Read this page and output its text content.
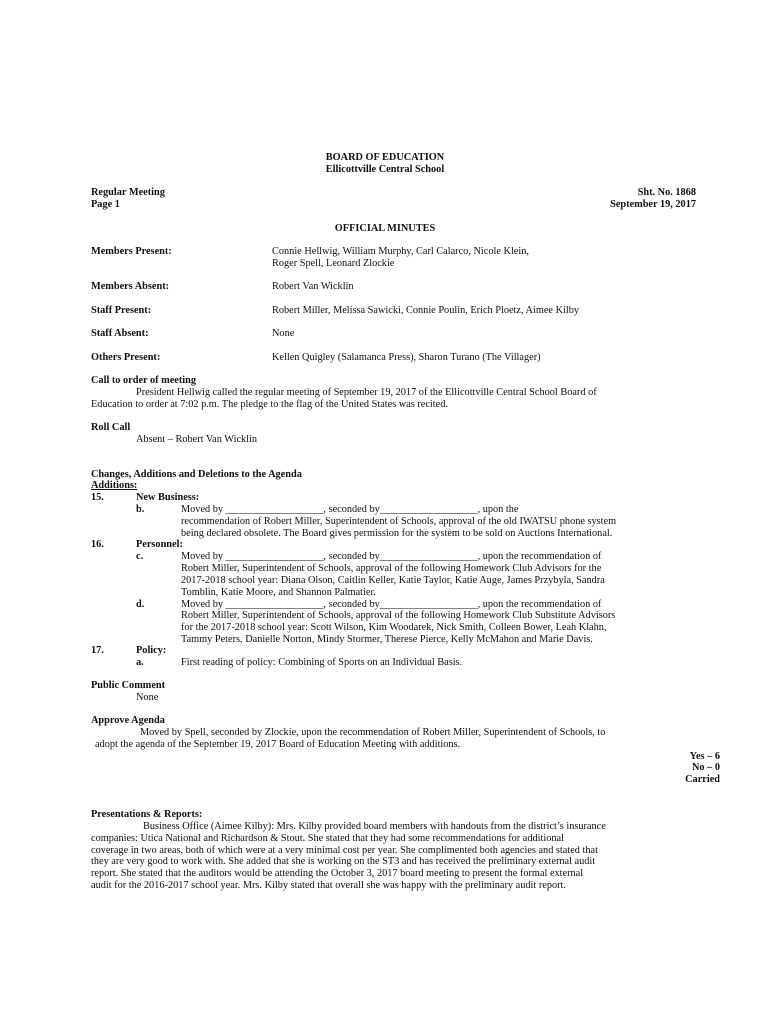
BOARD OF EDUCATION
Ellicottville Central School
Regular Meeting
Page 1
Sht. No. 1868
September 19, 2017
OFFICIAL MINUTES
Members Present:	Connie Hellwig, William Murphy, Carl Calarco, Nicole Klein,
Roger Spell, Leonard Zlockie
Members Absent:	Robert Van Wicklin
Staff Present:	Robert Miller, Melissa Sawicki, Connie Poulin, Erich Ploetz, Aimee Kilby
Staff Absent:	None
Others Present:	Kellen Quigley (Salamanca Press), Sharon Turano (The Villager)
Call to order of meeting
President Hellwig called the regular meeting of September 19, 2017 of the Ellicottville Central School Board of
Education to order at 7:02 p.m. The pledge to the flag of the United States was recited.
Roll Call
Absent – Robert Van Wicklin
Changes, Additions and Deletions to the Agenda
Additions:
15.	New Business:
b.	Moved by ___________________, seconded by___________________, upon the
recommendation of Robert Miller, Superintendent of Schools, approval of the old IWATSU phone system
being declared obsolete. The Board gives permission for the system to be sold on Auctions International.
16.	Personnel:
c.	Moved by ___________________, seconded by___________________, upon the recommendation of
Robert Miller, Superintendent of Schools, approval of the following Homework Club Advisors for the
2017-2018 school year: Diana Olson, Caitlin Keller, Katie Taylor, Katie Auge, James Przybyla, Sandra
Tomblin, Katie Moore, and Shannon Palmatier.
d.	Moved by ___________________, seconded by___________________, upon the recommendation of
Robert Miller, Superintendent of Schools, approval of the following Homework Club Substitute Advisors
for the 2017-2018 school year: Scott Wilson, Kim Woodarek, Nick Smith, Colleen Bower, Leah Klahn,
Tammy Peters, Danielle Norton, Mindy Stormer, Therese Pierce, Kelly McMahon and Marie Davis.
17.	Policy:
a.	First reading of policy: Combining of Sports on an Individual Basis.
Public Comment
None
Approve Agenda
Moved by Spell, seconded by Zlockie, upon the recommendation of Robert Miller, Superintendent of Schools, to
adopt the agenda of the September 19, 2017 Board of Education Meeting with additions.
Yes – 6
No – 0
Carried
Presentations & Reports:
Business Office (Aimee Kilby): Mrs. Kilby provided board members with handouts from the district’s insurance
companies: Utica National and Richardson & Stout. She stated that they had some recommendations for additional
coverage in two areas, both of which were at a very minimal cost per year. She complimented both agencies and stated that
they are very good to work with. She added that she is working on the ST3 and has received the preliminary external audit
report. She stated that the auditors would be attending the October 3, 2017 board meeting to present the formal external
audit for the 2016-2017 school year. Mrs. Kilby stated that overall she was happy with the preliminary audit report.
